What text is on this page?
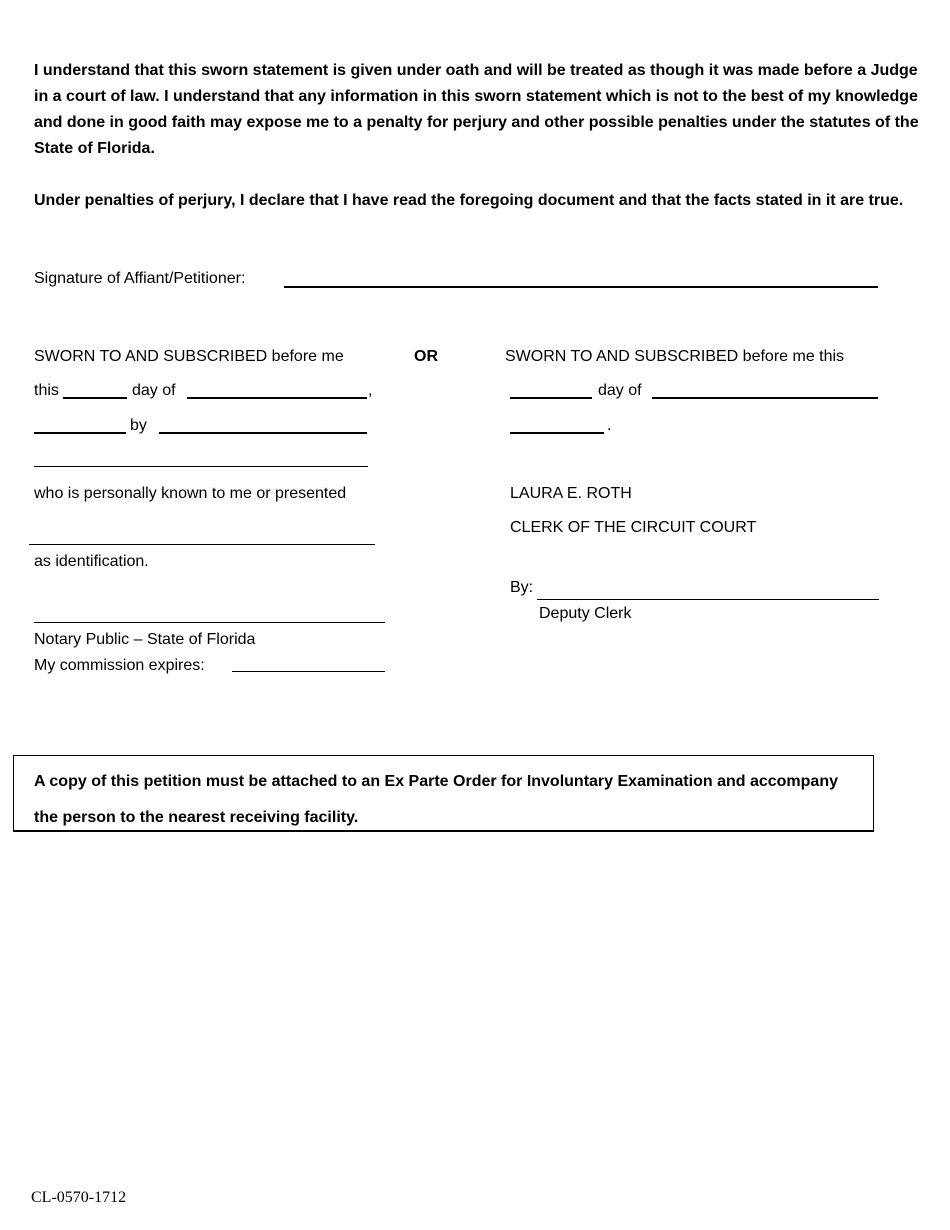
I understand that this sworn statement is given under oath and will be treated as though it was made before a Judge in a court of law. I understand that any information in this sworn statement which is not to the best of my knowledge and done in good faith may expose me to a penalty for perjury and other possible penalties under the statutes of the State of Florida.
Under penalties of perjury, I declare that I have read the foregoing document and that the facts stated in it are true.
Signature of Affiant/Petitioner:
SWORN TO AND SUBSCRIBED before me
this	day of	,
by
who is personally known to me or presented
as identification.
Notary Public – State of Florida
My commission expires:
OR	SWORN TO AND SUBSCRIBED before me this
day of
.
LAURA E. ROTH
CLERK OF THE CIRCUIT COURT
By:
Deputy Clerk
A copy of this petition must be attached to an Ex Parte Order for Involuntary Examination and accompany the person to the nearest receiving facility.
CL-0570-1712
